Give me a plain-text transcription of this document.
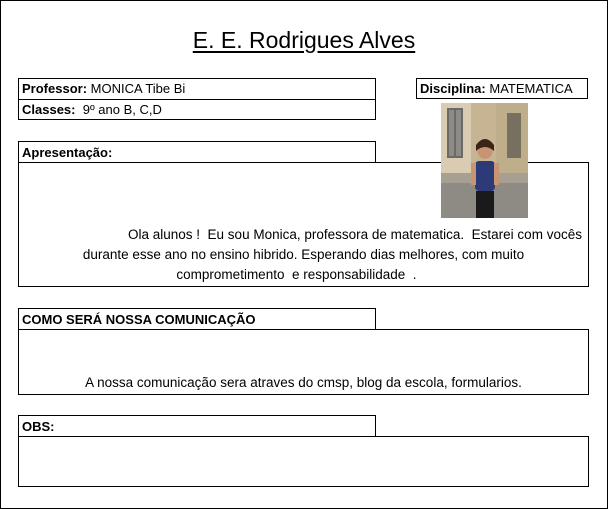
E. E. Rodrigues Alves
Professor: MONICA Tibe Bi
Classes: 9º ano B, C,D
Disciplina: MATEMATICA
Apresentação:
Ola alunos !  Eu sou Monica, professora de matematica.  Estarei com vocês
durante esse ano no ensino hibrido. Esperando dias melhores, com muito
comprometimento  e responsabilidade  .
COMO SERÁ NOSSA COMUNICAÇÃO
A nossa comunicação sera atraves do cmsp, blog da escola, formularios.
OBS:
